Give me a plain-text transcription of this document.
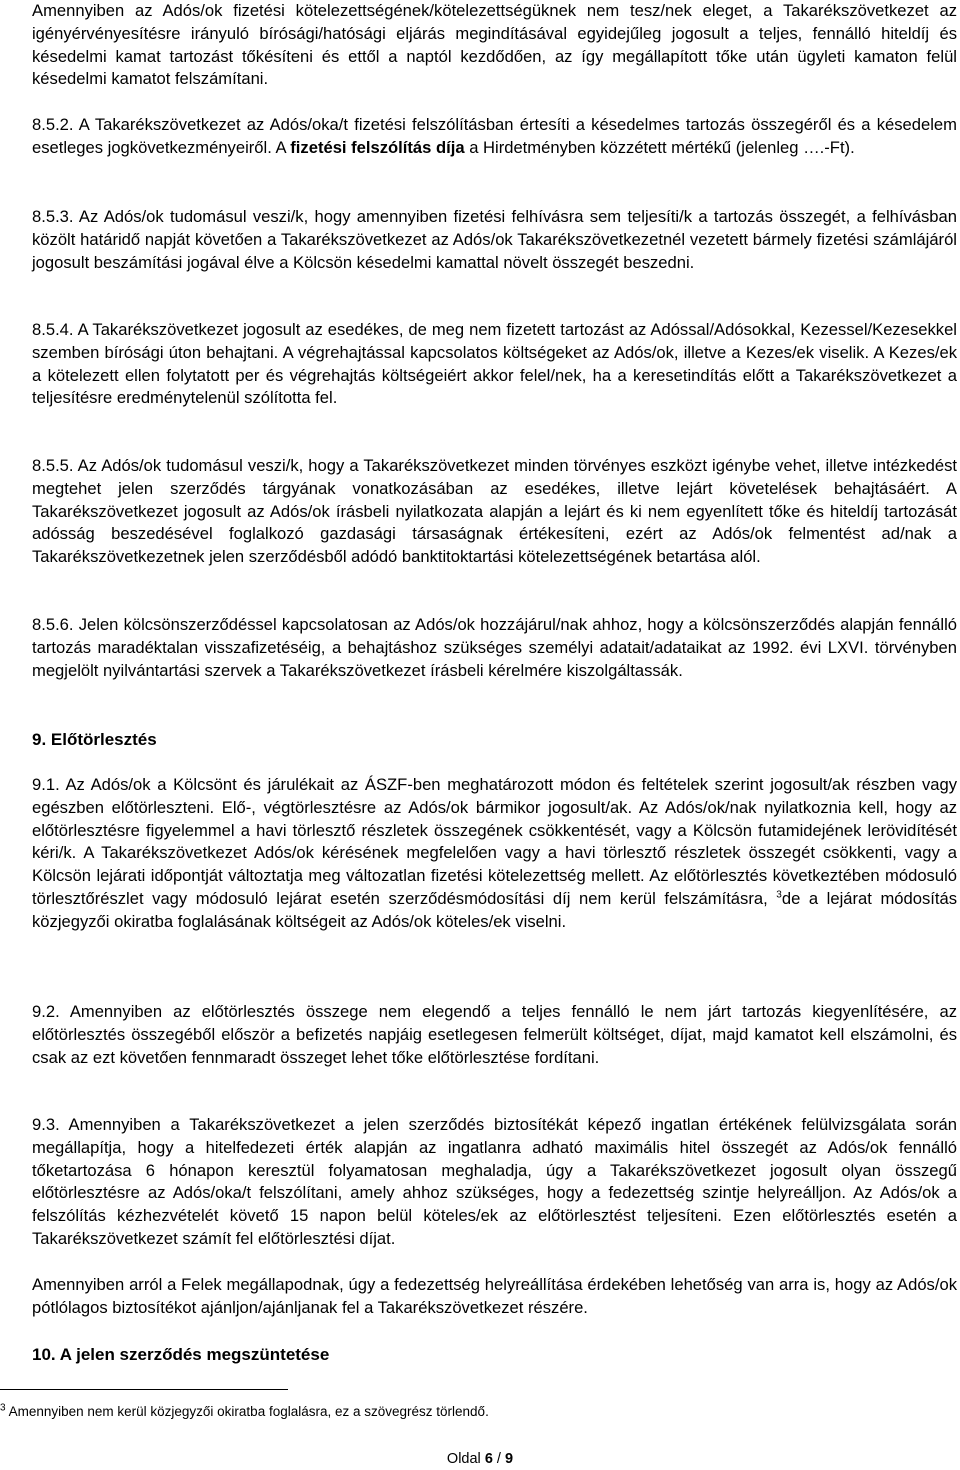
Amennyiben az Adós/ok fizetési kötelezettségének/kötelezettségüknek nem tesz/nek eleget, a Takarékszövetkezet az igényérvényesítésre irányuló bírósági/hatósági eljárás megindításával egyidejűleg jogosult a teljes, fennálló hiteldíj és késedelmi kamat tartozást tőkésíteni és ettől a naptól kezdődően, az így megállapított tőke után ügyleti kamaton felül késedelmi kamatot felszámítani.

8.5.2. A Takarékszövetkezet az Adós/oka/t fizetési felszólításban értesíti a késedelmes tartozás összegéről és a késedelem esetleges jogkövetkezményeiről. A fizetési felszólítás díja a Hirdetményben közzétett mértékű (jelenleg ….-Ft).

8.5.3. Az Adós/ok tudomásul veszi/k, hogy amennyiben fizetési felhívásra sem teljesíti/k a tartozás összegét, a felhívásban közölt határidő napját követően a Takarékszövetkezet az Adós/ok Takarékszövetkezetnél vezetett bármely fizetési számlájáról jogosult beszámítási jogával élve a Kölcsön késedelmi kamattal növelt összegét beszedni.

8.5.4. A Takarékszövetkezet jogosult az esedékes, de meg nem fizetett tartozást az Adóssal/Adósokkal, Kezessel/Kezesekkel szemben bírósági úton behajtani. A végrehajtással kapcsolatos költségeket az Adós/ok, illetve a Kezes/ek viselik. A Kezes/ek a kötelezett ellen folytatott per és végrehajtás költségeiért akkor felel/nek, ha a keresetindítás előtt a Takarékszövetkezet a teljesítésre eredménytelenül szólította fel.

8.5.5. Az Adós/ok tudomásul veszi/k, hogy a Takarékszövetkezet minden törvényes eszközt igénybe vehet, illetve intézkedést megtehet jelen szerződés tárgyának vonatkozásában az esedékes, illetve lejárt követelések behajtásáért. A Takarékszövetkezet jogosult az Adós/ok írásbeli nyilatkozata alapján a lejárt és ki nem egyenlített tőke és hiteldíj tartozását adósság beszedésével foglalkozó gazdasági társaságnak értékesíteni, ezért az Adós/ok felmentést ad/nak a Takarékszövetkezetnek jelen szerződésből adódó banktitoktartási kötelezettségének betartása alól.

8.5.6. Jelen kölcsönszerződéssel kapcsolatosan az Adós/ok hozzájárul/nak ahhoz, hogy a kölcsönszerződés alapján fennálló tartozás maradéktalan visszafizetéséig, a behajtáshoz szükséges személyi adatait/adataikat az 1992. évi LXVI. törvényben megjelölt nyilvántartási szervek a Takarékszövetkezet írásbeli kérelmére kiszolgáltassák.

9. Előtörlesztés

9.1. Az Adós/ok a Kölcsönt és járulékait az ÁSZF-ben meghatározott módon és feltételek szerint jogosult/ak részben vagy egészben előtörleszteni. Elő-, végtörlesztésre az Adós/ok bármikor jogosult/ak. Az Adós/ok/nak nyilatkoznia kell, hogy az előtörlesztésre figyelemmel a havi törlesztő részletek összegének csökkentését, vagy a Kölcsön futamidejének lerövidítését kéri/k. A Takarékszövetkezet Adós/ok kérésének megfelelően vagy a havi törlesztő részletek összegét csökkenti, vagy a Kölcsön lejárati időpontját változtatja meg változatlan fizetési kötelezettség mellett. Az előtörlesztés következtében módosuló törlesztőrészlet vagy módosuló lejárat esetén szerződésmódosítási díj nem kerül felszámításra, $^3$de a lejárat módosítás közjegyzői okiratba foglalásának költségeit az Adós/ok köteles/ek viselni.

9.2. Amennyiben az előtörlesztés összege nem elegendő a teljes fennálló le nem járt tartozás kiegyenlítésére, az előtörlesztés összegéből először a befizetés napjáig esetlegesen felmerült költséget, díjat, majd kamatot kell elszámolni, és csak az ezt követően fennmaradt összeget lehet tőke előtörlesztése fordítani.

9.3. Amennyiben a Takarékszövetkezet a jelen szerződés biztosítékát képező ingatlan értékének felülvizsgálata során megállapítja, hogy a hitelfedezeti érték alapján az ingatlanra adható maximális hitel összegét az Adós/ok fennálló tőketartozása 6 hónapon keresztül folyamatosan meghaladja, úgy a Takarékszövetkezet jogosult olyan összegű előtörlesztésre az Adós/oka/t felszólítani, amely ahhoz szükséges, hogy a fedezettség szintje helyreálljon. Az Adós/ok a felszólítás kézhezvételét követő 15 napon belül köteles/ek az előtörlesztést teljesíteni. Ezen előtörlesztés esetén a Takarékszövetkezet számít fel előtörlesztési díjat.

Amennyiben arról a Felek megállapodnak, úgy a fedezettség helyreállítása érdekében lehetőség van arra is, hogy az Adós/ok pótlólagos biztosítékot ajánljon/ajánljanak fel a Takarékszövetkezet részére.

10. A jelen szerződés megszüntetése
$^3$ Amennyiben nem kerül közjegyzői okiratba foglalásra, ez a szövegrész törlendő.
Oldal 6 / 9
